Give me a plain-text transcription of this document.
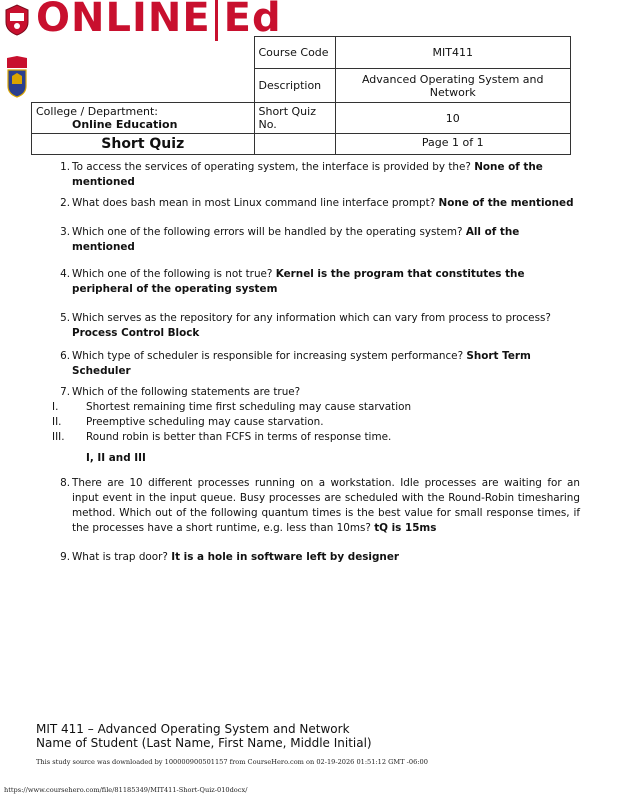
ONLINE Ed
	Course Code	MIT411
	Description	Advanced Operating System and Network

College / Department:
Online Education	Short Quiz No.	10
Short Quiz		Page 1 of 1

1. To access the services of operating system, the interface is provided by the? None of the mentioned

2. What does bash mean in most Linux command line interface prompt? None of the mentioned

3. Which one of the following errors will be handled by the operating system? All of the mentioned

4. Which one of the following is not true? Kernel is the program that constitutes the peripheral of the operating system

5. Which serves as the repository for any information which can vary from process to process? Process Control Block

6. Which type of scheduler is responsible for increasing system performance? Short Term Scheduler

7. Which of the following statements are true?

I.	Shortest remaining time first scheduling may cause starvation

II.	Preemptive scheduling may cause starvation.

III.	Round robin is better than FCFS in terms of response time.

I, II and III

8. There are 10 different processes running on a workstation. Idle processes are waiting for an input event in the input queue. Busy processes are scheduled with the Round-Robin timesharing method. Which out of the following quantum times is the best value for small response times, if the processes have a short runtime, e.g. less than 10ms? tQ is 15ms

9. What is trap door? It is a hole in software left by designer

MIT 411 – Advanced Operating System and Network
Name of Student (Last Name, First Name, Middle Initial)
This study source was downloaded by 100000900501157 from CourseHero.com on 02-19-2026 01:51:12 GMT -06:00
https://www.coursehero.com/file/81185349/MIT411-Short-Quiz-010docx/
